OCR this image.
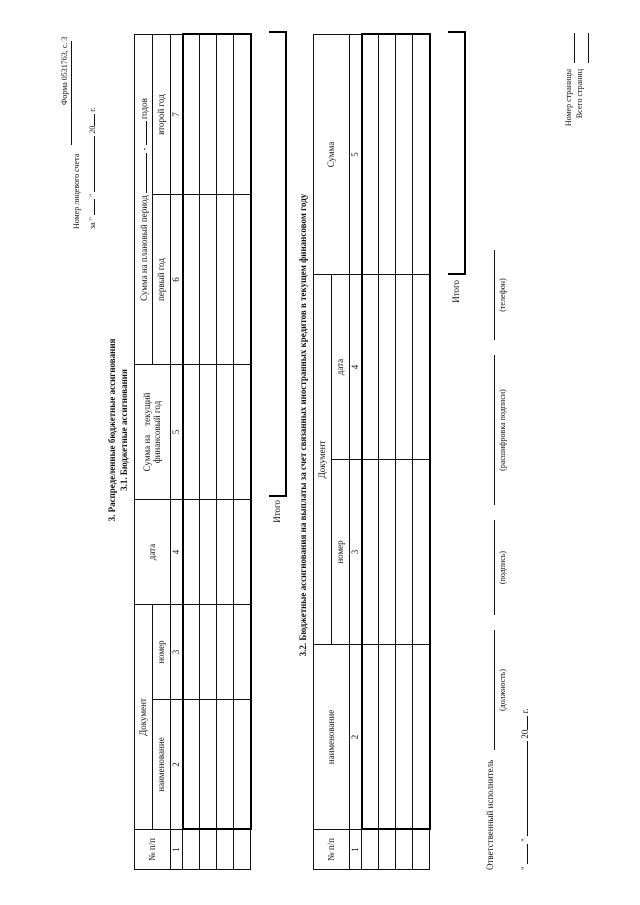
Форма 0531763, с. 3
Номер лицевого счета за "  "  20 г.
3. Распределенные бюджетные ассигнования 3.1. Бюджетные ассигнования
№ п/п	Документ		дата	Сумма на    текущий финансовый год	Сумма на плановый период  -  годов	
	наименование	номер			первый год	второй год
1	2	3	4	5	6	7

Итого 3.2. Бюджетные ассигнования на выплаты за счет связанных иностранных кредитов в текущем финансовом году
№ п/п	наименование	Документ		Сумма
		номер	дата	
1	2	3	4	5

Итого
Ответственный исполнитель
(должность)
(подпись)
(расшифровка подписи)
(телефон)
"  "  20 г.
Номер страницы Всего страниц
